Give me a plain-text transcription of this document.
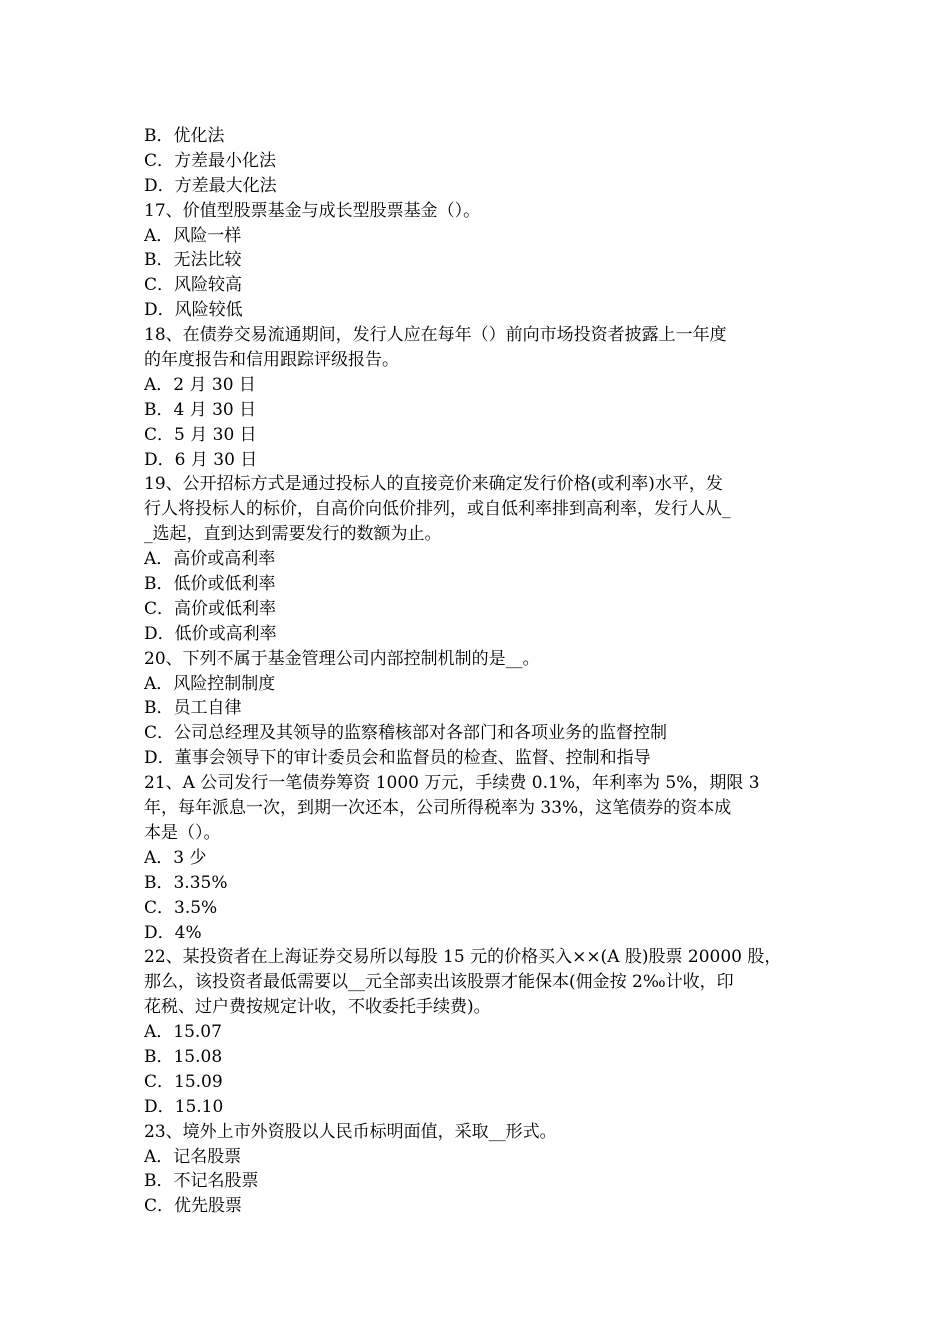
B．优化法
C．方差最小化法
D．方差最大化法
17、价值型股票基金与成长型股票基金（）。
A．风险一样
B．无法比较
C．风险较高
D．风险较低
18、在债券交易流通期间，发行人应在每年（）前向市场投资者披露上一年度
的年度报告和信用跟踪评级报告。
A．2 月 30 日
B．4 月 30 日
C．5 月 30 日
D．6 月 30 日
19、公开招标方式是通过投标人的直接竞价来确定发行价格(或利率)水平，发
行人将投标人的标价，自高价向低价排列，或自低利率排到高利率，发行人从_
_选起，直到达到需要发行的数额为止。
A．高价或高利率
B．低价或低利率
C．高价或低利率
D．低价或高利率
20、下列不属于基金管理公司内部控制机制的是__。
A．风险控制制度
B．员工自律
C．公司总经理及其领导的监察稽核部对各部门和各项业务的监督控制
D．董事会领导下的审计委员会和监督员的检查、监督、控制和指导
21、A 公司发行一笔债券筹资 1000 万元，手续费 0.1%，年利率为 5%，期限 3
年，每年派息一次，到期一次还本，公司所得税率为 33%，这笔债券的资本成
本是（）。
A．3 少
B．3.35%
C．3.5%
D．4%
22、某投资者在上海证券交易所以每股 15 元的价格买入××(A 股)股票 20000 股，
那么，该投资者最低需要以__元全部卖出该股票才能保本(佣金按 2‰计收，印
花税、过户费按规定计收，不收委托手续费)。
A．15.07
B．15.08
C．15.09
D．15.10
23、境外上市外资股以人民币标明面值，采取__形式。
A．记名股票
B．不记名股票
C．优先股票
